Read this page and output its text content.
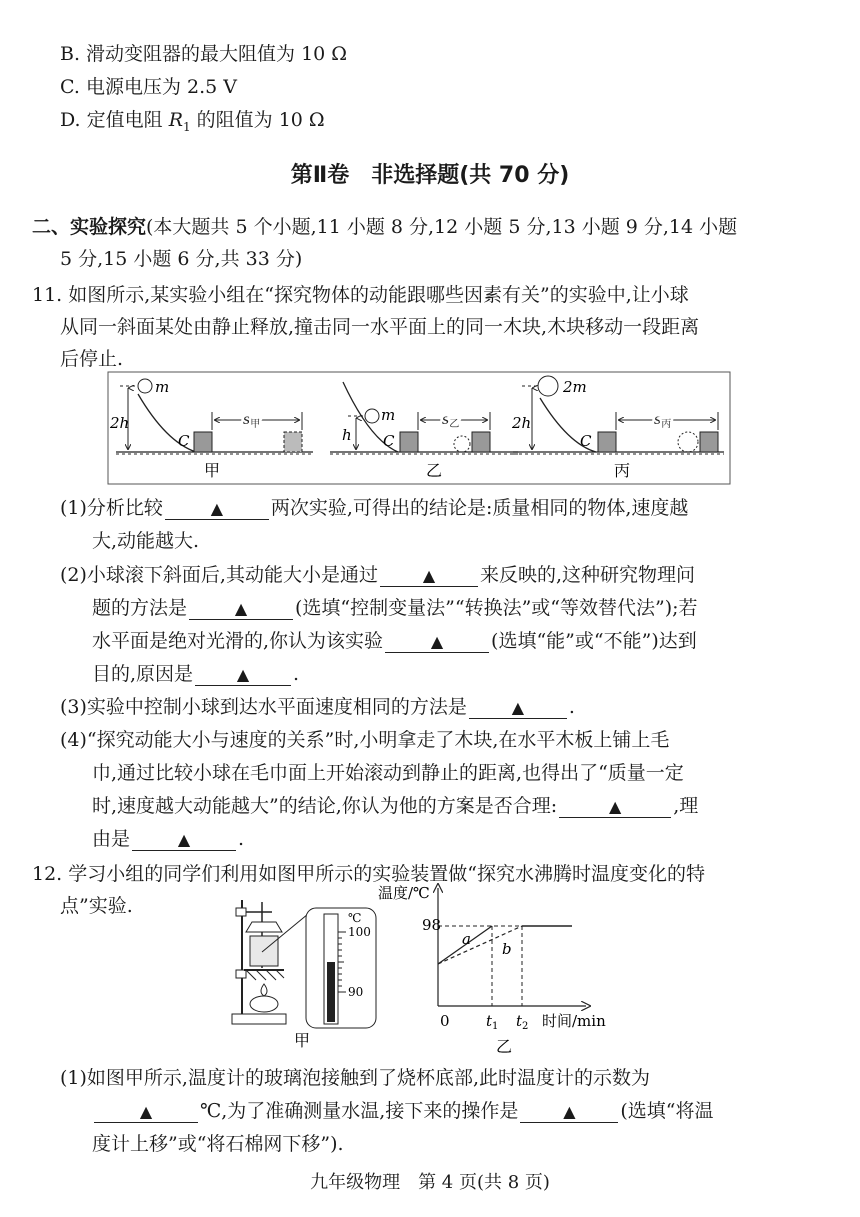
B. 滑动变阻器的最大阻值为 10 Ω
C. 电源电压为 2.5 V
D. 定值电阻 $R_1$ 的阻值为 10 Ω
第Ⅱ卷　非选择题(共 70 分)
二、实验探究(本大题共 5 个小题,11 小题 8 分,12 小题 5 分,13 小题 9 分,14 小题
5 分,15 小题 6 分,共 33 分)
11. 如图所示,某实验小组在“探究物体的动能跟哪些因素有关”的实验中,让小球
从同一斜面某处由静止释放,撞击同一水平面上的同一木块,木块移动一段距离
后停止.
m
2h
C
$s_甲$
甲
m
h C
$s_乙$
乙
2m
2h
C
$s_丙$
丙
(1)分析比较	▲	两次实验,可得出的结论是:质量相同的物体,速度越
大,动能越大.
(2)小球滚下斜面后,其动能大小是通过	▲ 来反映的,这种研究物理问
题的方法是	▲	(选填“控制变量法”“转换法”或“等效替代法”);若
水平面是绝对光滑的,你认为该实验	▲	(选填“能”或“不能”)达到
目的,原因是	▲ .
(3)实验中控制小球到达水平面速度相同的方法是	▲ .
(4)“探究动能大小与速度的关系”时,小明拿走了木块,在水平木板上铺上毛
巾,通过比较小球在毛巾面上开始滚动到静止的距离,也得出了“质量一定
时,速度越大动能越大”的结论,你认为他的方案是否合理:	▲	,理
由是	▲	.
12. 学习小组的同学们利用如图甲所示的实验装置做“探究水沸腾时温度变化的特
点”实验.
℃
100
90
甲
温度/℃
98
a
b
0 $t_1$ $t_2$ 时间/min
乙
(1)如图甲所示,温度计的玻璃泡接触到了烧杯底部,此时温度计的示数为
▲	℃,为了准确测量水温,接下来的操作是	▲ (选填“将温
度计上移”或“将石棉网下移”).
九年级物理　第 4 页(共 8 页)
